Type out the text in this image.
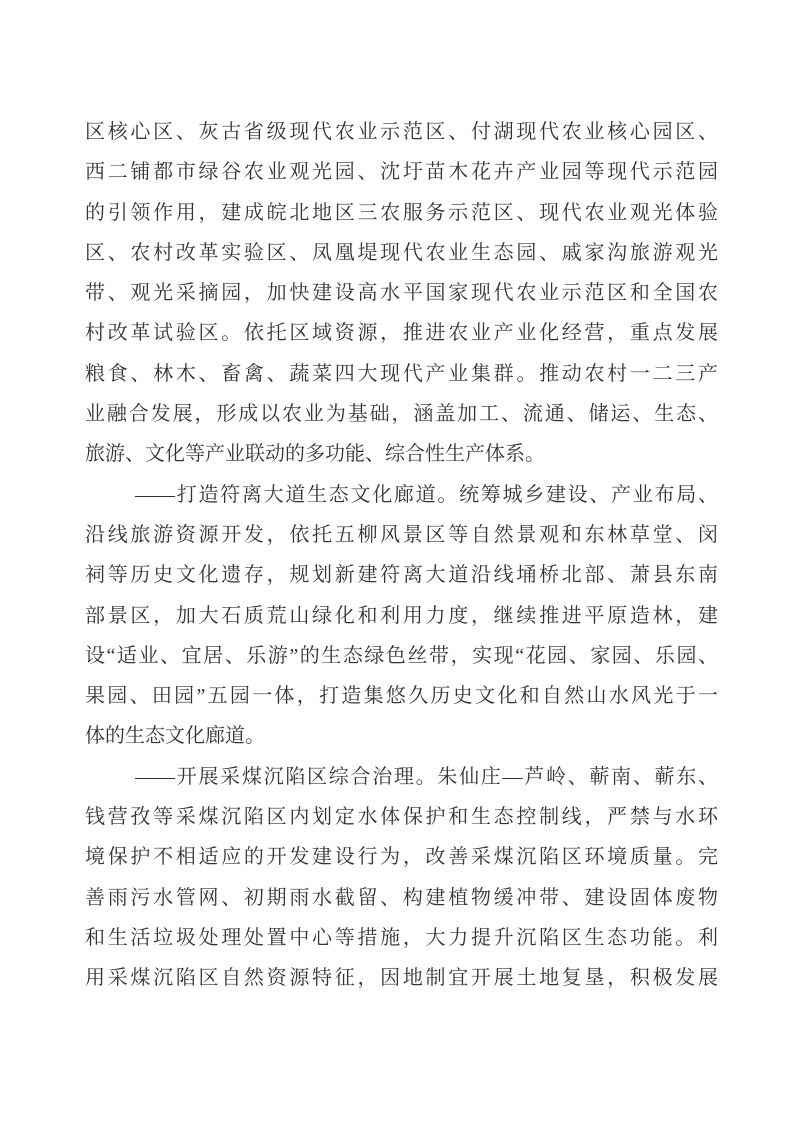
区核心区、灰古省级现代农业示范区、付湖现代农业核心园区、
西二铺都市绿谷农业观光园、沈圩苗木花卉产业园等现代示范园
的引领作用，建成皖北地区三农服务示范区、现代农业观光体验
区、农村改革实验区、凤凰堤现代农业生态园、戚家沟旅游观光
带、观光采摘园，加快建设高水平国家现代农业示范区和全国农
村改革试验区。依托区域资源，推进农业产业化经营，重点发展
粮食、林木、畜禽、蔬菜四大现代产业集群。推动农村一二三产
业融合发展，形成以农业为基础，涵盖加工、流通、储运、生态、
旅游、文化等产业联动的多功能、综合性生产体系。
——打造符离大道生态文化廊道。统筹城乡建设、产业布局、
沿线旅游资源开发，依托五柳风景区等自然景观和东林草堂、闵
祠等历史文化遗存，规划新建符离大道沿线埇桥北部、萧县东南
部景区，加大石质荒山绿化和利用力度，继续推进平原造林，建
设“适业、宜居、乐游”的生态绿色丝带，实现“花园、家园、乐园、
果园、田园”五园一体，打造集悠久历史文化和自然山水风光于一
体的生态文化廊道。
——开展采煤沉陷区综合治理。朱仙庄—芦岭、蕲南、蕲东、
钱营孜等采煤沉陷区内划定水体保护和生态控制线，严禁与水环
境保护不相适应的开发建设行为，改善采煤沉陷区环境质量。完
善雨污水管网、初期雨水截留、构建植物缓冲带、建设固体废物
和生活垃圾处理处置中心等措施，大力提升沉陷区生态功能。利
用采煤沉陷区自然资源特征，因地制宜开展土地复垦，积极发展
